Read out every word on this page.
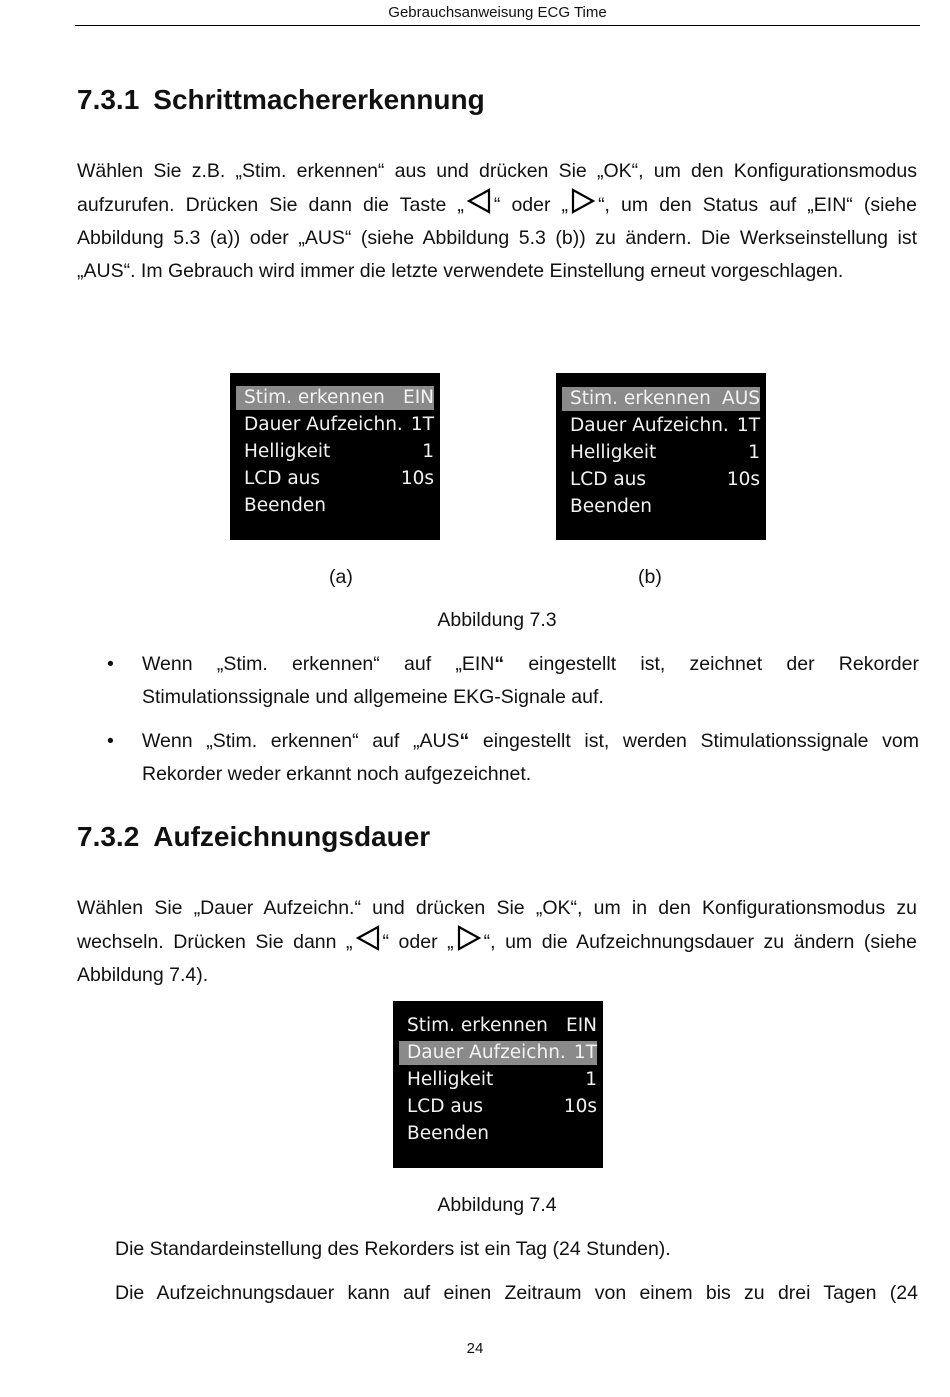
Gebrauchsanweisung ECG Time
7.3.1 Schrittmachererkennung

Wählen Sie z.B. „Stim. erkennen“ aus und drücken Sie „OK“, um den Konfigurationsmodus aufzurufen. Drücken Sie dann die Taste „ “ oder „ “, um den Status auf „EIN“ (siehe Abbildung 5.3 (a)) oder „AUS“ (siehe Abbildung 5.3 (b)) zu ändern. Die Werkseinstellung ist „AUS“. Im Gebrauch wird immer die letzte verwendete Einstellung erneut vorgeschlagen.

Stim. erkennen EIN
Dauer Aufzeichn. 1T
Helligkeit	1
LCD aus	10s
Beenden
Stim. erkennen AUS
Dauer Aufzeichn. 1T
Helligkeit	1
LCD aus	10s
Beenden
(a)	(b)
Abbildung 7.3
• Wenn „Stim. erkennen“ auf „EIN“ eingestellt ist, zeichnet der Rekorder Stimulationssignale und allgemeine EKG-Signale auf.
• Wenn „Stim. erkennen“ auf „AUS“ eingestellt ist, werden Stimulationssignale vom Rekorder weder erkannt noch aufgezeichnet.
7.3.2 Aufzeichnungsdauer

Wählen Sie „Dauer Aufzeichn.“ und drücken Sie „OK“, um in den Konfigurationsmodus zu wechseln. Drücken Sie dann „ “ oder „ “, um die Aufzeichnungsdauer zu ändern (siehe Abbildung 7.4).

Stim. erkennen EIN
Dauer Aufzeichn. 1T
Helligkeit	1
LCD aus	10s
Beenden
Abbildung 7.4

Die Standardeinstellung des Rekorders ist ein Tag (24 Stunden).

Die Aufzeichnungsdauer kann auf einen Zeitraum von einem bis zu drei Tagen (24

24
